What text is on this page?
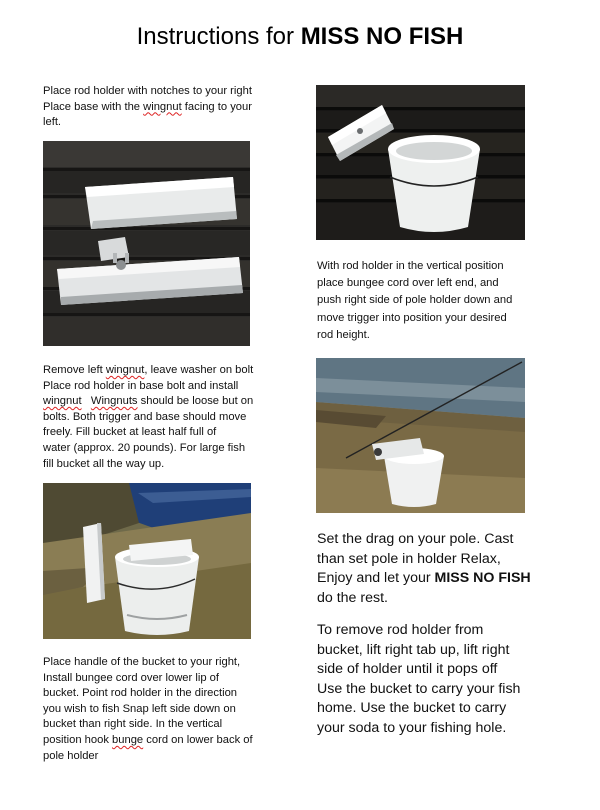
Instructions for MISS NO FISH
Place rod holder with notches to your right
Place base with the wingnut facing to your
left.
Remove left wingnut, leave washer on bolt
Place rod holder in base bolt and install
wingnut Wingnuts should be loose but on
bolts. Both trigger and base should move
freely. Fill bucket at least half full of
water (approx. 20 pounds). For large fish
fill bucket all the way up.
Place handle of the bucket to your right,
Install bungee cord over lower lip of
bucket. Point rod holder in the direction
you wish to fish Snap left side down on
bucket than right side. In the vertical
position hook bunge cord on lower back of
pole holder
With rod holder in the vertical position
place bungee cord over left end, and
push right side of pole holder down and
move trigger into position your desired
rod height.
Set the drag on your pole. Cast
than set pole in holder Relax,
Enjoy and let your MISS NO FISH
do the rest.
To remove rod holder from
bucket, lift right tab up, lift right
side of holder until it pops off
Use the bucket to carry your fish
home. Use the bucket to carry
your soda to your fishing hole.
